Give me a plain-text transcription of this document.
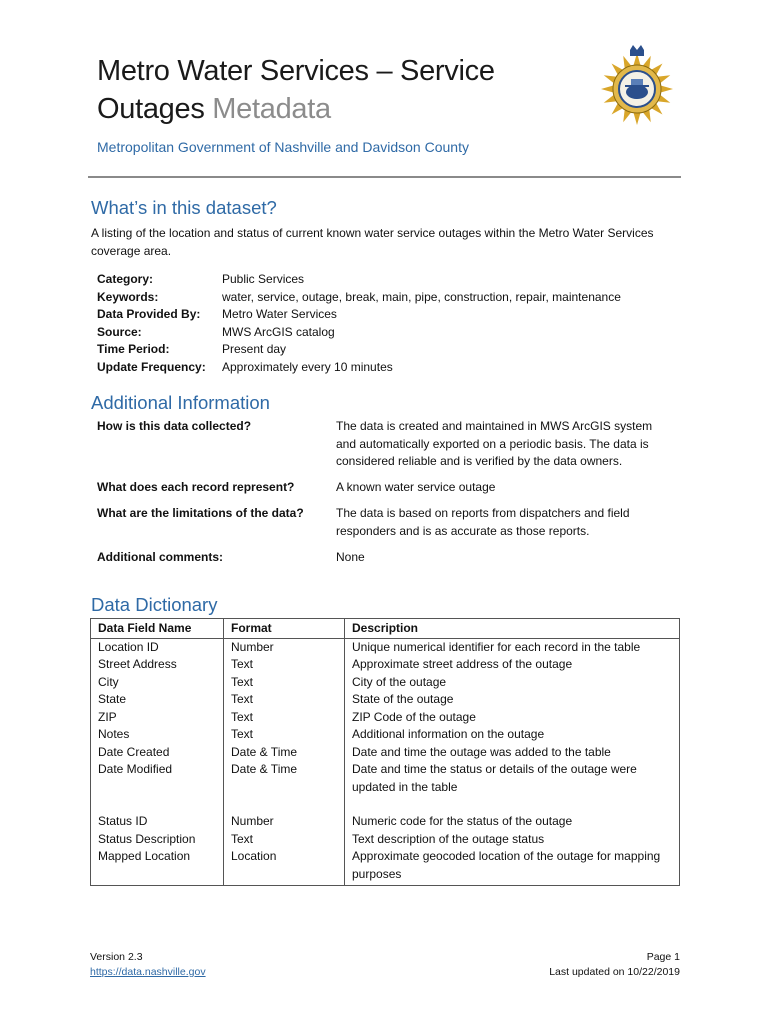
Metro Water Services – Service Outages Metadata
Metropolitan Government of Nashville and Davidson County
What’s in this dataset?
A listing of the location and status of current known water service outages within the Metro Water Services coverage area.
Category:	Public Services
Keywords:	water, service, outage, break, main, pipe, construction, repair, maintenance
Data Provided By:	Metro Water Services
Source:	MWS ArcGIS catalog
Time Period:	Present day
Update Frequency:	Approximately every 10 minutes
Additional Information
How is this data collected?	The data is created and maintained in MWS ArcGIS system and automatically exported on a periodic basis. The data is considered reliable and is verified by the data owners.
What does each record represent?	A known water service outage
What are the limitations of the data?	The data is based on reports from dispatchers and field responders and is as accurate as those reports.
Additional comments:	None
Data Dictionary
Data Field Name	Format	Description
Location ID	Number	Unique numerical identifier for each record in the table
Street Address	Text	Approximate street address of the outage
City	Text	City of the outage
State	Text	State of the outage
ZIP	Text	ZIP Code of the outage
Notes	Text	Additional information on the outage
Date Created	Date & Time	Date and time the outage was added to the table
Date Modified	Date & Time	Date and time the status or details of the outage were updated in the table
Status ID	Number	Numeric code for the status of the outage
Status Description	Text	Text description of the outage status
Mapped Location	Location	Approximate geocoded location of the outage for mapping purposes
Version 2.3
https://data.nashville.gov
Page 1
Last updated on 10/22/2019
